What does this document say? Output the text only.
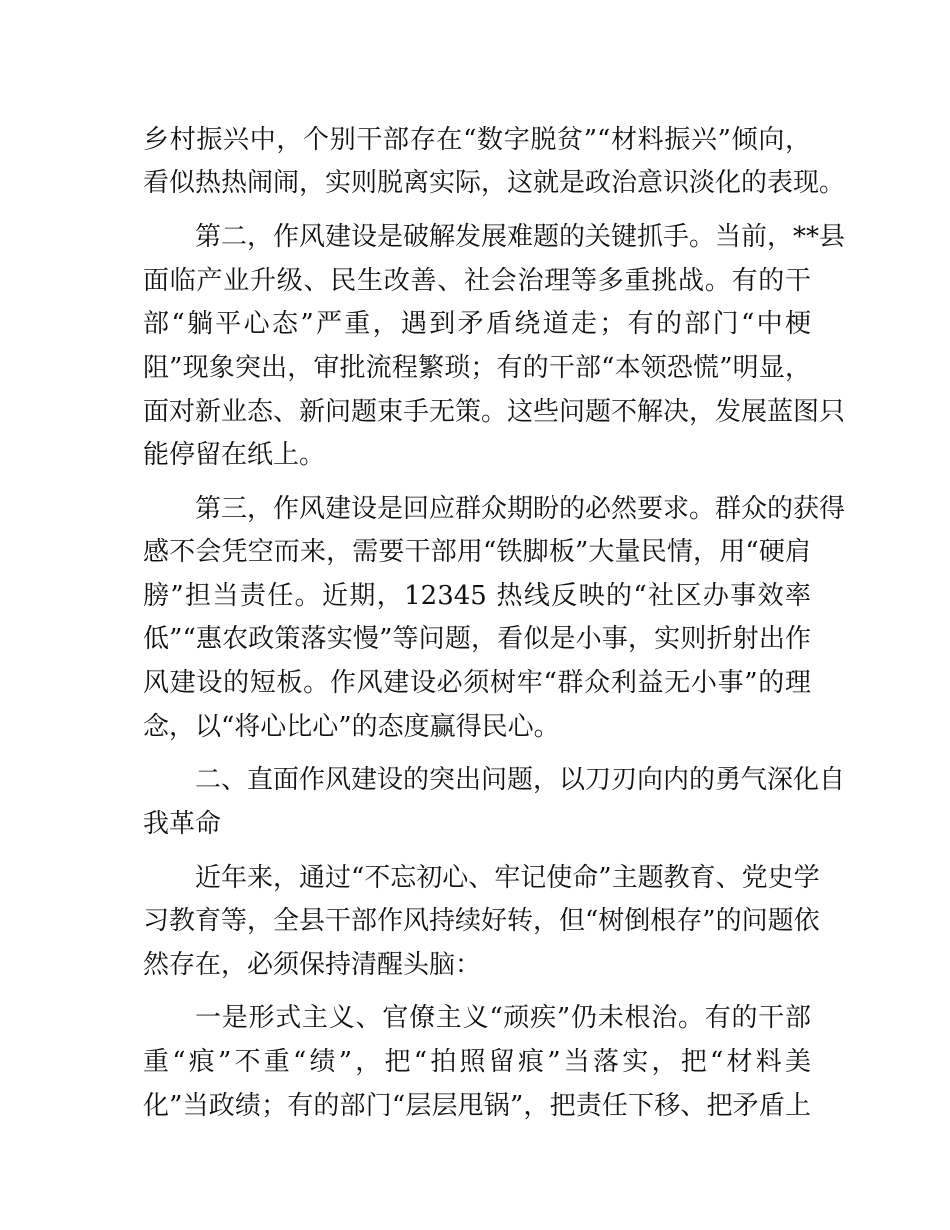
乡村振兴中，个别干部存在“数字脱贫”“材料振兴”倾向，
看似热热闹闹，实则脱离实际，这就是政治意识淡化的表现。
第二，作风建设是破解发展难题的关键抓手。当前，**县
面临产业升级、民生改善、社会治理等多重挑战。有的干
部“躺平心态”严重，遇到矛盾绕道走；有的部门“中梗
阻”现象突出，审批流程繁琐；有的干部“本领恐慌”明显，
面对新业态、新问题束手无策。这些问题不解决，发展蓝图只
能停留在纸上。
第三，作风建设是回应群众期盼的必然要求。群众的获得
感不会凭空而来，需要干部用“铁脚板”大量民情，用“硬肩
膀”担当责任。近期，12345 热线反映的“社区办事效率
低”“惠农政策落实慢”等问题，看似是小事，实则折射出作
风建设的短板。作风建设必须树牢“群众利益无小事”的理
念，以“将心比心”的态度赢得民心。
二、直面作风建设的突出问题，以刀刃向内的勇气深化自
我革命
近年来，通过“不忘初心、牢记使命”主题教育、党史学
习教育等，全县干部作风持续好转，但“树倒根存”的问题依
然存在，必须保持清醒头脑：
一是形式主义、官僚主义“顽疾”仍未根治。有的干部
重“痕”不重“绩”，把“拍照留痕”当落实，把“材料美
化”当政绩；有的部门“层层甩锅”，把责任下移、把矛盾上
